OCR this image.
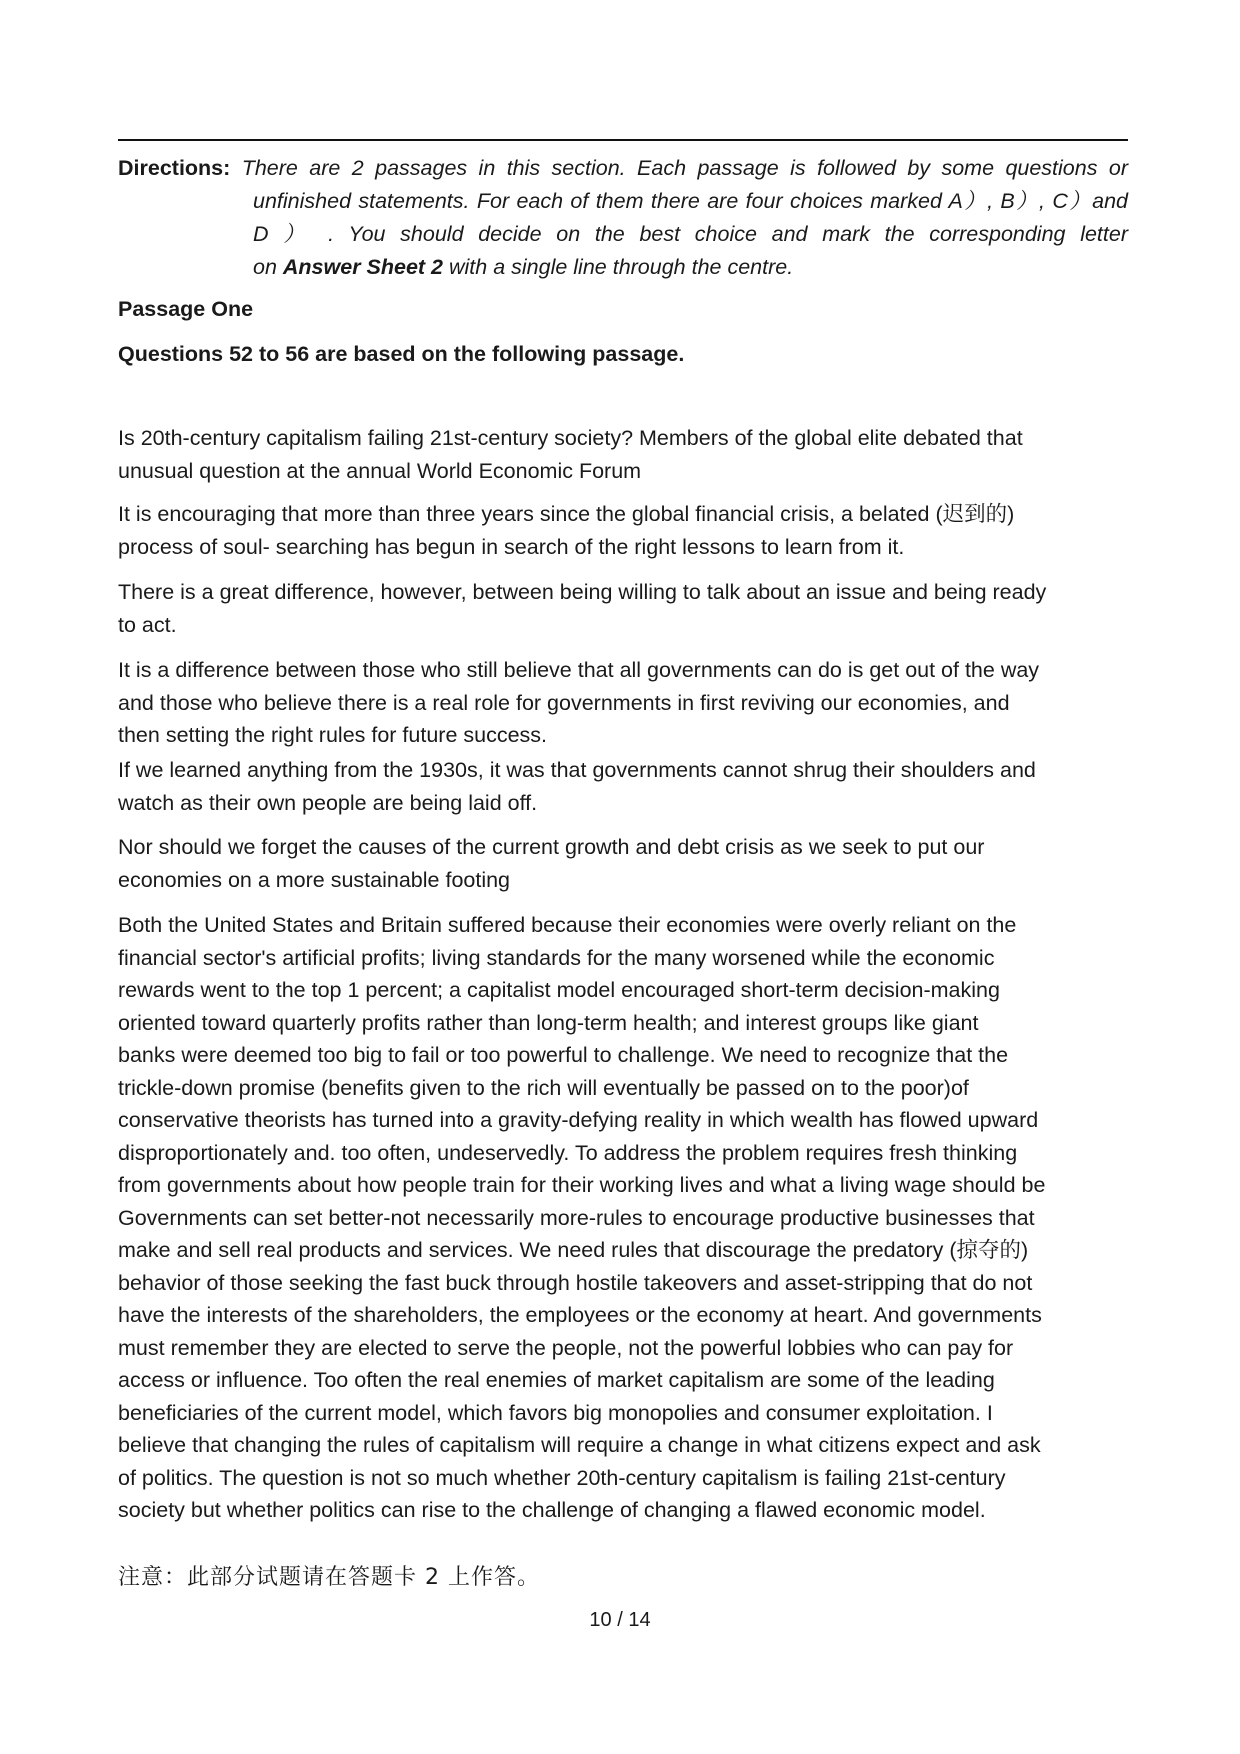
Directions: There are 2 passages in this section. Each passage is followed by some questions or
unfinished statements. For each of them there are four choices marked A）, B）, C）and
D ） . You should decide on the best choice and mark the corresponding letter
on Answer Sheet 2 with a single line through the centre.
Passage One
Questions 52 to 56 are based on the following passage.
Is 20th-century capitalism failing 21st-century society? Members of the global elite debated that
unusual question at the annual World Economic Forum
It is encouraging that more than three years since the global financial crisis, a belated (迟到的)
process of soul- searching has begun in search of the right lessons to learn from it.
There is a great difference, however, between being willing to talk about an issue and being ready
to act.
It is a difference between those who still believe that all governments can do is get out of the way
and those who believe there is a real role for governments in first reviving our economies, and
then setting the right rules for future success.
If we learned anything from the 1930s, it was that governments cannot shrug their shoulders and
watch as their own people are being laid off.
Nor should we forget the causes of the current growth and debt crisis as we seek to put our
economies on a more sustainable footing
Both the United States and Britain suffered because their economies were overly reliant on the
financial sector's artificial profits; living standards for the many worsened while the economic
rewards went to the top 1 percent; a capitalist model encouraged short-term decision-making
oriented toward quarterly profits rather than long-term health; and interest groups like giant
banks were deemed too big to fail or too powerful to challenge. We need to recognize that the
trickle-down promise (benefits given to the rich will eventually be passed on to the poor)of
conservative theorists has turned into a gravity-defying reality in which wealth has flowed upward
disproportionately and. too often, undeservedly. To address the problem requires fresh thinking
from governments about how people train for their working lives and what a living wage should be
Governments can set better-not necessarily more-rules to encourage productive businesses that
make and sell real products and services. We need rules that discourage the predatory (掠夺的)
behavior of those seeking the fast buck through hostile takeovers and asset-stripping that do not
have the interests of the shareholders, the employees or the economy at heart. And governments
must remember they are elected to serve the people, not the powerful lobbies who can pay for
access or influence. Too often the real enemies of market capitalism are some of the leading
beneficiaries of the current model, which favors big monopolies and consumer exploitation. I
believe that changing the rules of capitalism will require a change in what citizens expect and ask
of politics. The question is not so much whether 20th-century capitalism is failing 21st-century
society but whether politics can rise to the challenge of changing a flawed economic model.
注意：此部分试题请在答题卡 2 上作答。
10 / 14
